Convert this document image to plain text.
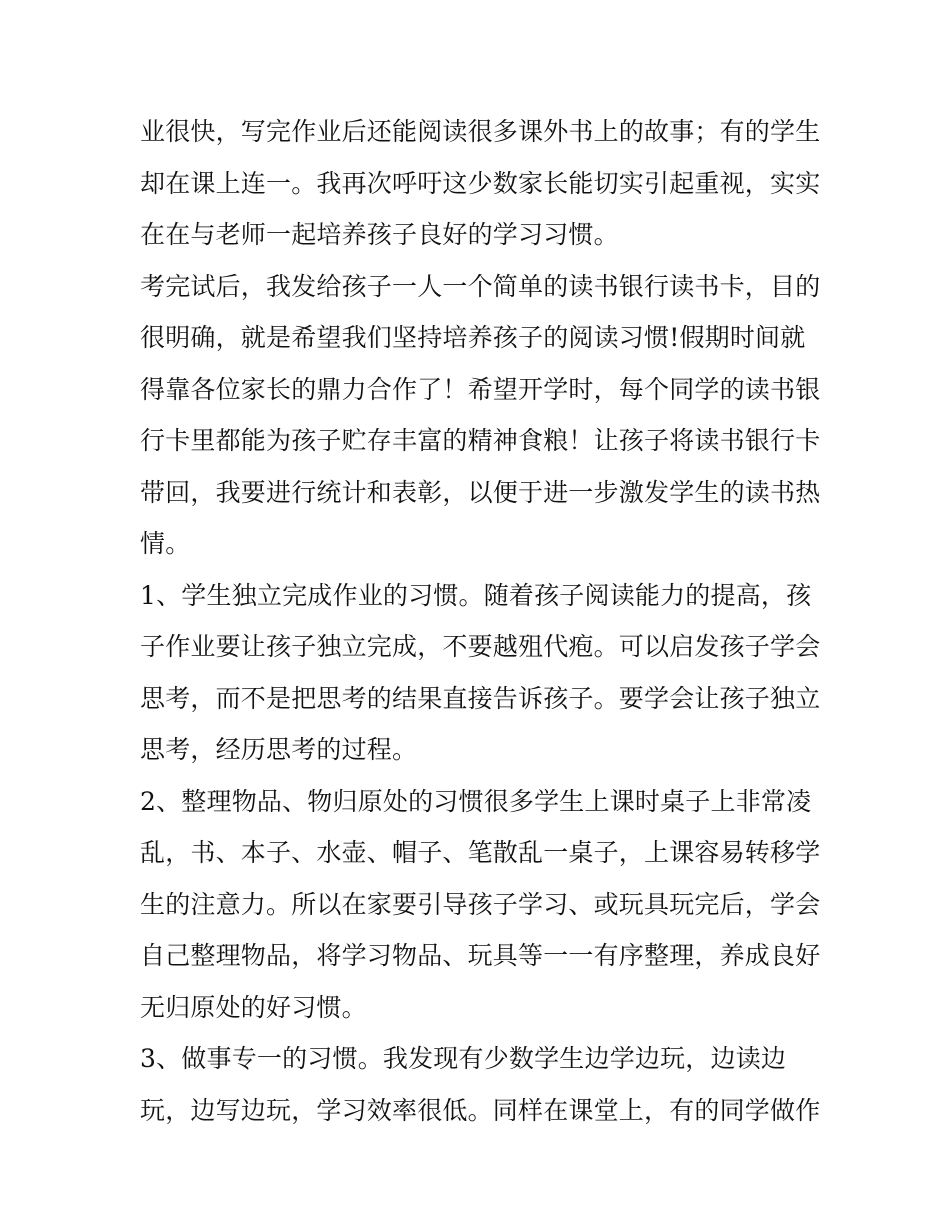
业很快，写完作业后还能阅读很多课外书上的故事；有的学生
却在课上连一。我再次呼吁这少数家长能切实引起重视，实实
在在与老师一起培养孩子良好的学习习惯。
考完试后，我发给孩子一人一个简单的读书银行读书卡，目的
很明确，就是希望我们坚持培养孩子的阅读习惯!假期时间就
得靠各位家长的鼎力合作了！希望开学时，每个同学的读书银
行卡里都能为孩子贮存丰富的精神食粮！让孩子将读书银行卡
带回，我要进行统计和表彰，以便于进一步激发学生的读书热
情。
1、学生独立完成作业的习惯。随着孩子阅读能力的提高，孩
子作业要让孩子独立完成，不要越殂代疱。可以启发孩子学会
思考，而不是把思考的结果直接告诉孩子。要学会让孩子独立
思考，经历思考的过程。
2、整理物品、物归原处的习惯很多学生上课时桌子上非常凌
乱，书、本子、水壶、帽子、笔散乱一桌子，上课容易转移学
生的注意力。所以在家要引导孩子学习、或玩具玩完后，学会
自己整理物品，将学习物品、玩具等一一有序整理，养成良好
无归原处的好习惯。
3、做事专一的习惯。我发现有少数学生边学边玩，边读边
玩，边写边玩，学习效率很低。同样在课堂上，有的同学做作
